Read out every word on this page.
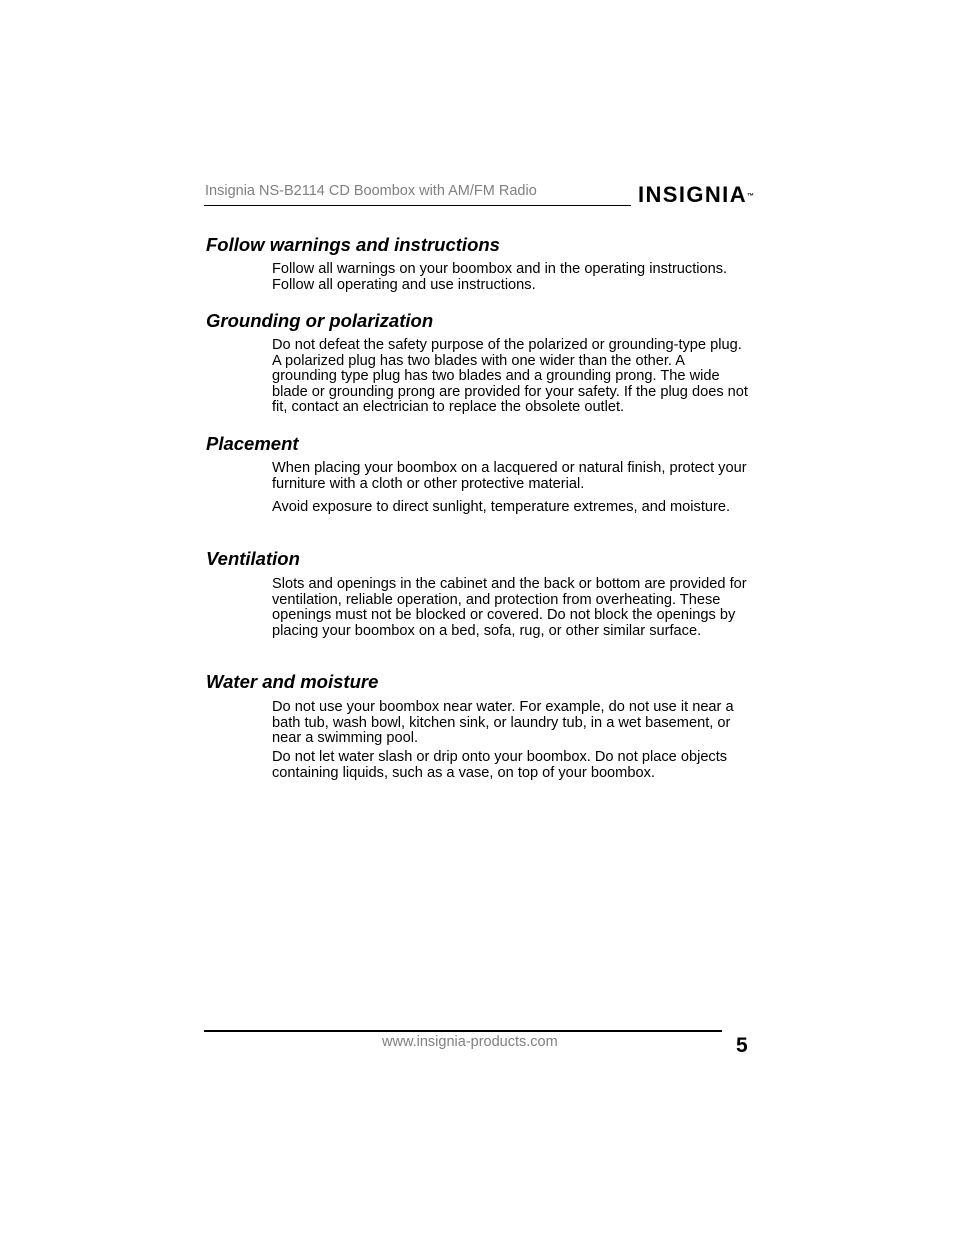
Insignia NS-B2114 CD Boombox with AM/FM Radio	INSIGNIA™
Follow warnings and instructions

Follow all warnings on your boombox and in the operating instructions. Follow all operating and use instructions.

Grounding or polarization

Do not defeat the safety purpose of the polarized or grounding-type plug. A polarized plug has two blades with one wider than the other. A grounding type plug has two blades and a grounding prong. The wide blade or grounding prong are provided for your safety. If the plug does not fit, contact an electrician to replace the obsolete outlet.

Placement

When placing your boombox on a lacquered or natural finish, protect your furniture with a cloth or other protective material.

Avoid exposure to direct sunlight, temperature extremes, and moisture.

Ventilation

Slots and openings in the cabinet and the back or bottom are provided for ventilation, reliable operation, and protection from overheating. These openings must not be blocked or covered. Do not block the openings by placing your boombox on a bed, sofa, rug, or other similar surface.

Water and moisture

Do not use your boombox near water. For example, do not use it near a bath tub, wash bowl, kitchen sink, or laundry tub, in a wet basement, or near a swimming pool.

Do not let water slash or drip onto your boombox. Do not place objects containing liquids, such as a vase, on top of your boombox.

www.insignia-products.com	5
